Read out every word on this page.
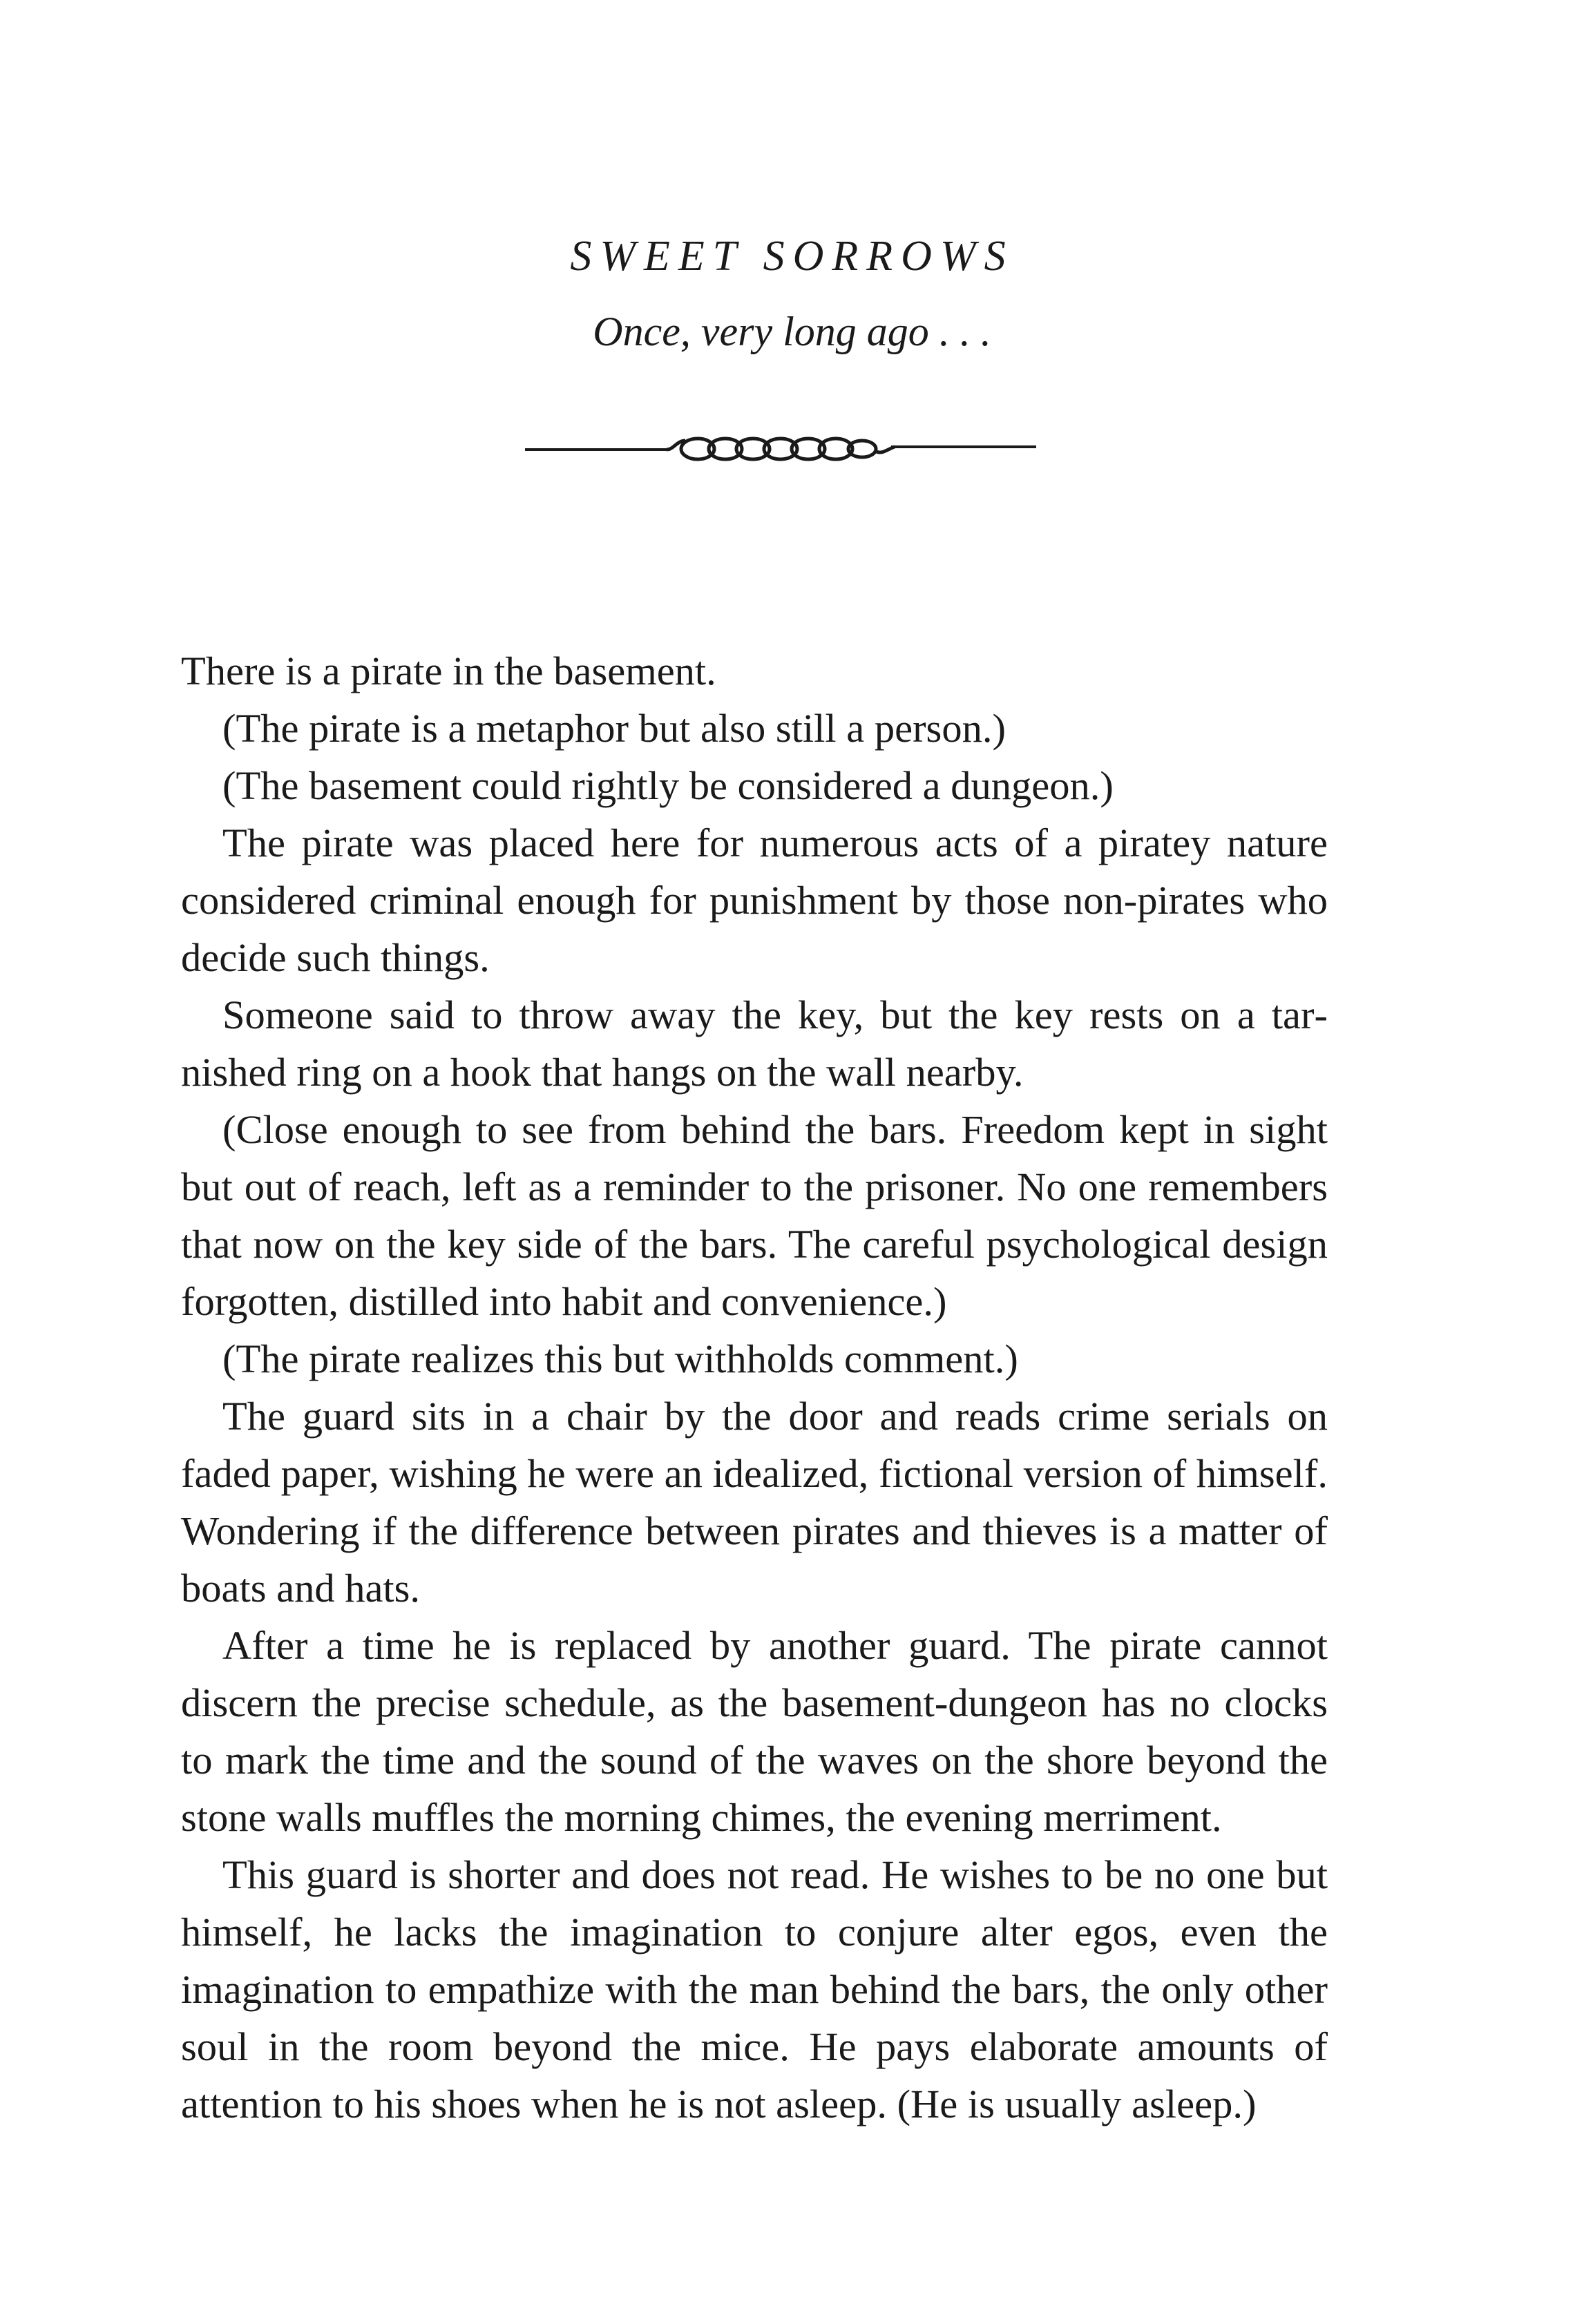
SWEET SORROWS
Once, very long ago . . .

There is a pirate in the basement.

(The pirate is a metaphor but also still a person.)

(The basement could rightly be considered a dungeon.)

The pirate was placed here for numerous acts of a piratey nature considered criminal enough for punishment by those non-pirates who decide such things.

Someone said to throw away the key, but the key rests on a tarnished ring on a hook that hangs on the wall nearby.

(Close enough to see from behind the bars. Freedom kept in sight but out of reach, left as a reminder to the prisoner. No one remembers that now on the key side of the bars. The careful psychological design forgotten, distilled into habit and convenience.)

(The pirate realizes this but withholds comment.)

The guard sits in a chair by the door and reads crime serials on faded paper, wishing he were an idealized, fictional version of himself. Wondering if the difference between pirates and thieves is a matter of boats and hats.

After a time he is replaced by another guard. The pirate cannot discern the precise schedule, as the basement-dungeon has no clocks to mark the time and the sound of the waves on the shore beyond the stone walls muffles the morning chimes, the evening merriment.

This guard is shorter and does not read. He wishes to be no one but himself, he lacks the imagination to conjure alter egos, even the imagination to empathize with the man behind the bars, the only other soul in the room beyond the mice. He pays elaborate amounts of attention to his shoes when he is not asleep. (He is usually asleep.)
